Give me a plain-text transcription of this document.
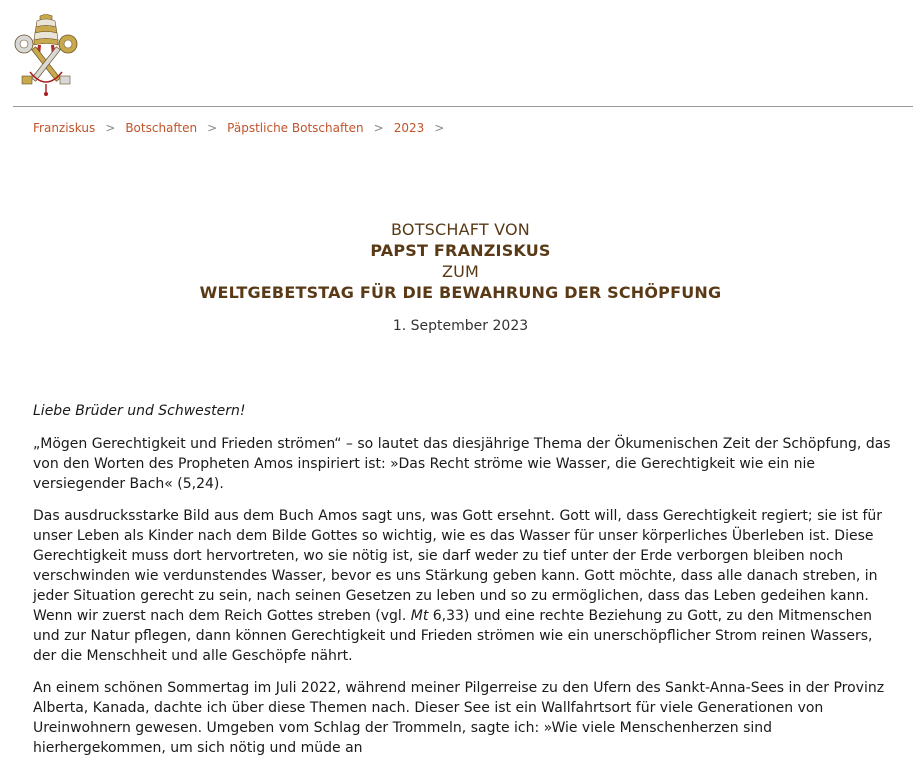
Franziskus > Botschaften > Päpstliche Botschaften > 2023 >
BOTSCHAFT VON
PAPST FRANZISKUS
ZUM
WELTGEBETSTAG FÜR DIE BEWAHRUNG DER SCHÖPFUNG
1. September 2023

Liebe Brüder und Schwestern!

„Mögen Gerechtigkeit und Frieden strömen“ – so lautet das diesjährige Thema der Ökumenischen Zeit der Schöpfung, das von den Worten des Propheten Amos inspiriert ist: »Das Recht ströme wie Wasser, die Gerechtigkeit wie ein nie versiegender Bach« (5,24).

Das ausdrucksstarke Bild aus dem Buch Amos sagt uns, was Gott ersehnt. Gott will, dass Gerechtigkeit regiert; sie ist für unser Leben als Kinder nach dem Bilde Gottes so wichtig, wie es das Wasser für unser körperliches Überleben ist. Diese Gerechtigkeit muss dort hervortreten, wo sie nötig ist, sie darf weder zu tief unter der Erde verborgen bleiben noch verschwinden wie verdunstendes Wasser, bevor es uns Stärkung geben kann. Gott möchte, dass alle danach streben, in jeder Situation gerecht zu sein, nach seinen Gesetzen zu leben und so zu ermöglichen, dass das Leben gedeihen kann. Wenn wir zuerst nach dem Reich Gottes streben (vgl. Mt 6,33) und eine rechte Beziehung zu Gott, zu den Mitmenschen und zur Natur pflegen, dann können Gerechtigkeit und Frieden strömen wie ein unerschöpflicher Strom reinen Wassers, der die Menschheit und alle Geschöpfe nährt.

An einem schönen Sommertag im Juli 2022, während meiner Pilgerreise zu den Ufern des Sankt-Anna-Sees in der Provinz Alberta, Kanada, dachte ich über diese Themen nach. Dieser See ist ein Wallfahrtsort für viele Generationen von Ureinwohnern gewesen. Umgeben vom Schlag der Trommeln, sagte ich: »Wie viele Menschenherzen sind hierhergekommen, um sich nötig und müde an
